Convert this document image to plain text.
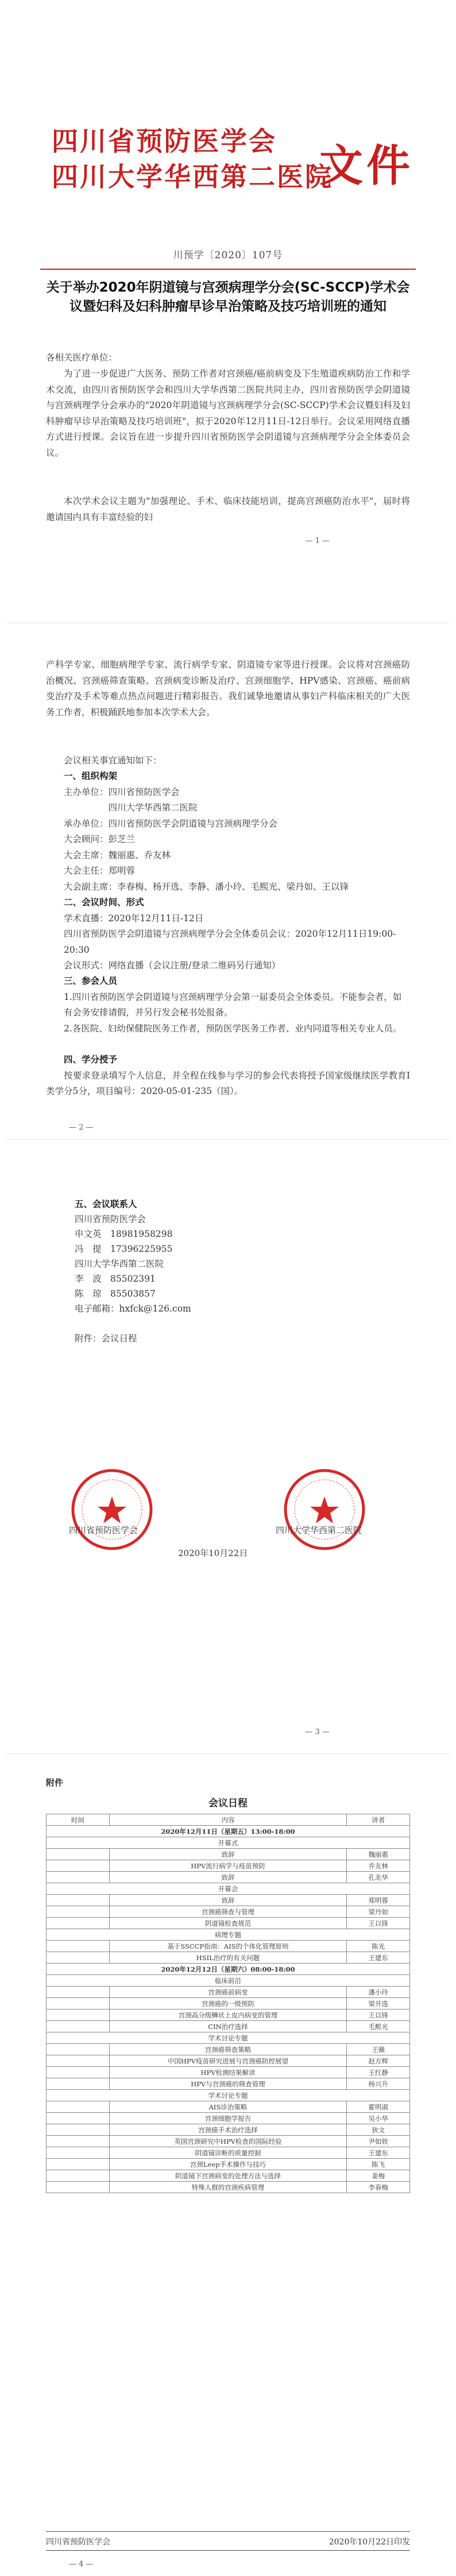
四川省预防医学会
四川大学华西第二医院
文件
川预学〔2020〕107号
关于举办2020年阴道镜与宫颈病理学分会(SC-SCCP)学术会议暨妇科及妇科肿瘤早诊早治策略及技巧培训班的通知
各相关医疗单位：
为了进一步促进广大医务、预防工作者对宫颈癌/癌前病变及下生殖道疾病防治工作和学术交流，由四川省预防医学会和四川大学华西第二医院共同主办，四川省预防医学会阴道镜与宫颈病理学分会承办的"2020年阴道镜与宫颈病理学分会(SC-SCCP)学术会议暨妇科及妇科肿瘤早诊早治策略及技巧培训班"，拟于2020年12月11日-12日举行。会议采用网络直播方式进行授课。会议旨在进一步提升四川省预防医学会阴道镜与宫颈病理学分会全体委员会议。
本次学术会议主题为"加强理论、手术、临床技能培训，提高宫颈癌防治水平"，届时将邀请国内具有丰富经验的妇
— 1 —
产科学专家、细胞病理学专家、流行病学专家、阴道镜专家等进行授课。会议将对宫颈癌防治概况、宫颈癌筛查策略、宫颈病变诊断及治疗、宫颈细胞学、HPV感染、宫颈癌、癌前病变治疗及手术等难点热点问题进行精彩报告。我们诚挚地邀请从事妇产科临床相关的广大医务工作者，积极踊跃地参加本次学术大会。
会议相关事宜通知如下：
一、组织构架
主办单位：四川省预防医学会
　　　　　四川大学华西第二医院
承办单位：四川省预防医学会阴道镜与宫颈病理学分会
大会顾问：彭芝兰
大会主席：魏丽惠、乔友林
大会主任：郑明蓉
大会副主席：李春梅、杨开选、李静、潘小玲、毛熙光、梁丹如、王以锋
二、会议时间、形式
学术直播：2020年12月11日-12日
四川省预防医学会阴道镜与宫颈病理学分会全体委员会议：2020年12月11日19:00-20:30
会议形式：网络直播（会议注册/登录二维码另行通知）
三、参会人员
1.四川省预防医学会阴道镜与宫颈病理学分会第一届委员会全体委员。不能参会者，如有会务安排请假，并另行发会秘书处报备。
2.各医院、妇幼保健院医务工作者，预防医学医务工作者、业内同道等相关专业人员。
四、学分授予
按要求登录填写个人信息，并全程在线参与学习的参会代表将授予国家级继续医学教育Ⅰ类学分5分，项目编号：2020-05-01-235（国）。
— 2 —
五、会议联系人
四川省预防医学会
申文英　18981958298
冯　提　17396225955
四川大学华西第二医院
李　波　85502391
陈　琼　85503857
电子邮箱：hxfck@126.com
附件：会议日程
四川省预防医学会	四川大学华西第二医院
2020年10月22日
— 3 —
附件
会议日程
时间	内容	讲者
2020年12月11日（星期五）13:00-18:00		
开幕式		
	致辞	魏丽惠
	HPV流行病学与疫苗预防	乔友林
	致辞	孔北华
开幕会		
	致辞	郑明蓉
	宫颈癌筛查与管理	梁丹如
	阴道镜检查规范	王以锋
病理专题		
	基于SSCCP指南：AIS的个体化管理原则	陈光
	HSIL治疗的有关问题	王建东
2020年12月12日（星期六）08:00-18:00		
临床前沿		
	宫颈癌前病变	潘小玲
	宫颈癌的一级预防	梁开选
	宫颈高分级鳞状上皮内病变的管理	王以锋
	CIN治疗选择	毛熙光
学术讨论专题		
	宫颈癌筛查策略	王薇
	中国HPV疫苗研究进展与宫颈癌防控展望	赵方辉
	HPV检测结果解读	王红静
	HPV与宫颈癌的筛查管理	杨兴升
学术讨论专题		
	AIS诊治策略	霍明淑
	宫颈细胞学报告	吴小华
	宫颈癌手术治疗选择	狄文
	英国宫颈研究中HPV检查的国际经验	尹如铁
	阴道镜诊断的质量控制	王建东
	宫颈Leep手术操作与技巧	陈飞
	阴道镜下宫颈病变的处理方法与选择	姜梅
	特殊人群的宫颈疾病管理	李春梅
四川省预防医学会	2020年10月22日印发
— 4 —
